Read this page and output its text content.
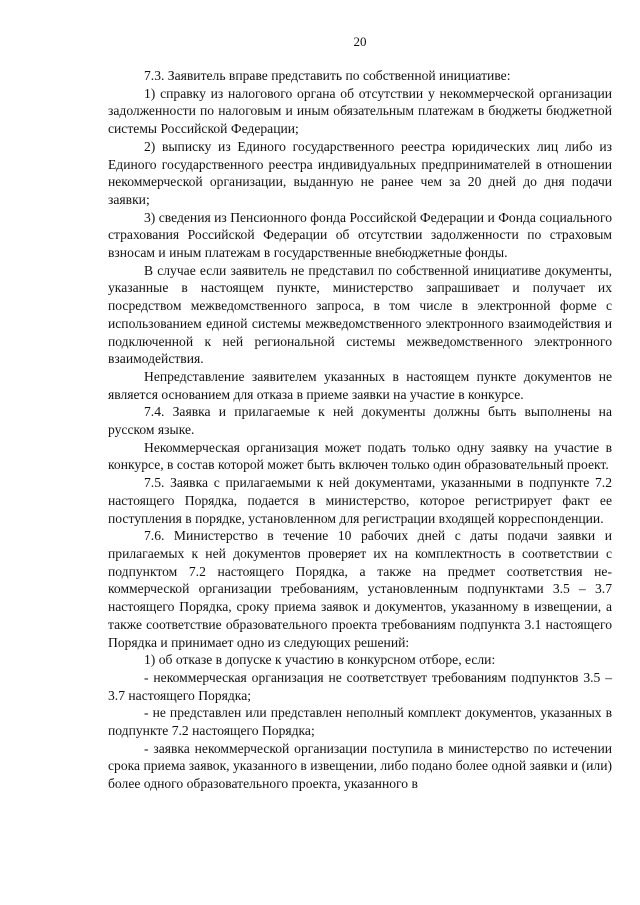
20

7.3. Заявитель вправе представить по собственной инициативе:

1) справку из налогового органа об отсутствии у некоммерческой организации задолженности по налоговым и иным обязательным платежам в бюджеты бюджетной системы Российской Федерации;

2) выписку из Единого государственного реестра юридических лиц либо из Единого государственного реестра индивидуальных предпринимателей в отношении некоммерческой организации, выданную не ранее чем за 20 дней до дня подачи заявки;

3) сведения из Пенсионного фонда Российской Федерации и Фонда социального страхования Российской Федерации об отсутствии задолженности по страховым взносам и иным платежам в государственные внебюджетные фонды.

В случае если заявитель не представил по собственной инициативе документы, указанные в настоящем пункте, министерство запрашивает и получает их посредством межведомственного запроса, в том числе в электронной форме с использованием единой системы межведомственного электронного взаимодействия и подключенной к ней региональной системы межведомственного электронного взаимодействия.

Непредставление заявителем указанных в настоящем пункте документов не является основанием для отказа в приеме заявки на участие в конкурсе.

7.4. Заявка и прилагаемые к ней документы должны быть выполнены на русском языке.

Некоммерческая организация может подать только одну заявку на участие в конкурсе, в состав которой может быть включен только один образовательный проект.

7.5. Заявка с прилагаемыми к ней документами, указанными в подпункте 7.2 настоящего Порядка, подается в министерство, которое регистрирует факт ее поступления в порядке, установленном для регистрации входящей корреспонденции.

7.6. Министерство в течение 10 рабочих дней с даты подачи заявки и прилагаемых к ней документов проверяет их на комплектность в соответствии с подпунктом 7.2 настоящего Порядка, а также на предмет соответствия некоммерческой организации требованиям, установленным подпунктами 3.5 – 3.7 настоящего Порядка, сроку приема заявок и документов, указанному в извещении, а также соответствие образовательного проекта требованиям подпункта 3.1 настоящего Порядка и принимает одно из следующих решений:

1) об отказе в допуске к участию в конкурсном отборе, если:

- некоммерческая организация не соответствует требованиям подпунктов 3.5 – 3.7 настоящего Порядка;

- не представлен или представлен неполный комплект документов, указанных в подпункте 7.2 настоящего Порядка;

- заявка некоммерческой организации поступила в министерство по истечении срока приема заявок, указанного в извещении, либо подано более одной заявки и (или) более одного образовательного проекта, указанного в
